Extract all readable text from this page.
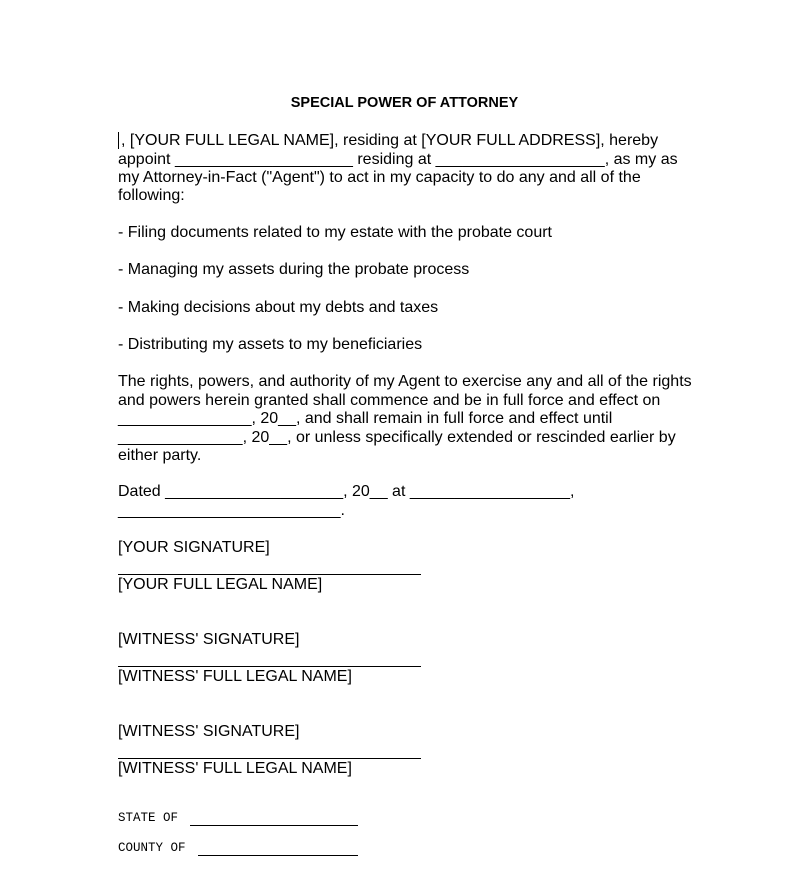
SPECIAL POWER OF ATTORNEY
, [YOUR FULL LEGAL NAME], residing at [YOUR FULL ADDRESS], hereby
appoint ____________________ residing at ___________________, as my as
my Attorney-in-Fact ("Agent") to act in my capacity to do any and all of the
following:
- Filing documents related to my estate with the probate court
- Managing my assets during the probate process
- Making decisions about my debts and taxes
- Distributing my assets to my beneficiaries
The rights, powers, and authority of my Agent to exercise any and all of the rights
and powers herein granted shall commence and be in full force and effect on
_______________, 20__, and shall remain in full force and effect until
______________, 20__, or unless specifically extended or rescinded earlier by
either party.
Dated ____________________, 20__ at __________________,
_________________________.
[YOUR SIGNATURE]
[YOUR FULL LEGAL NAME]
[WITNESS' SIGNATURE]
[WITNESS' FULL LEGAL NAME]
[WITNESS' SIGNATURE]
[WITNESS' FULL LEGAL NAME]
STATE OF
COUNTY OF
